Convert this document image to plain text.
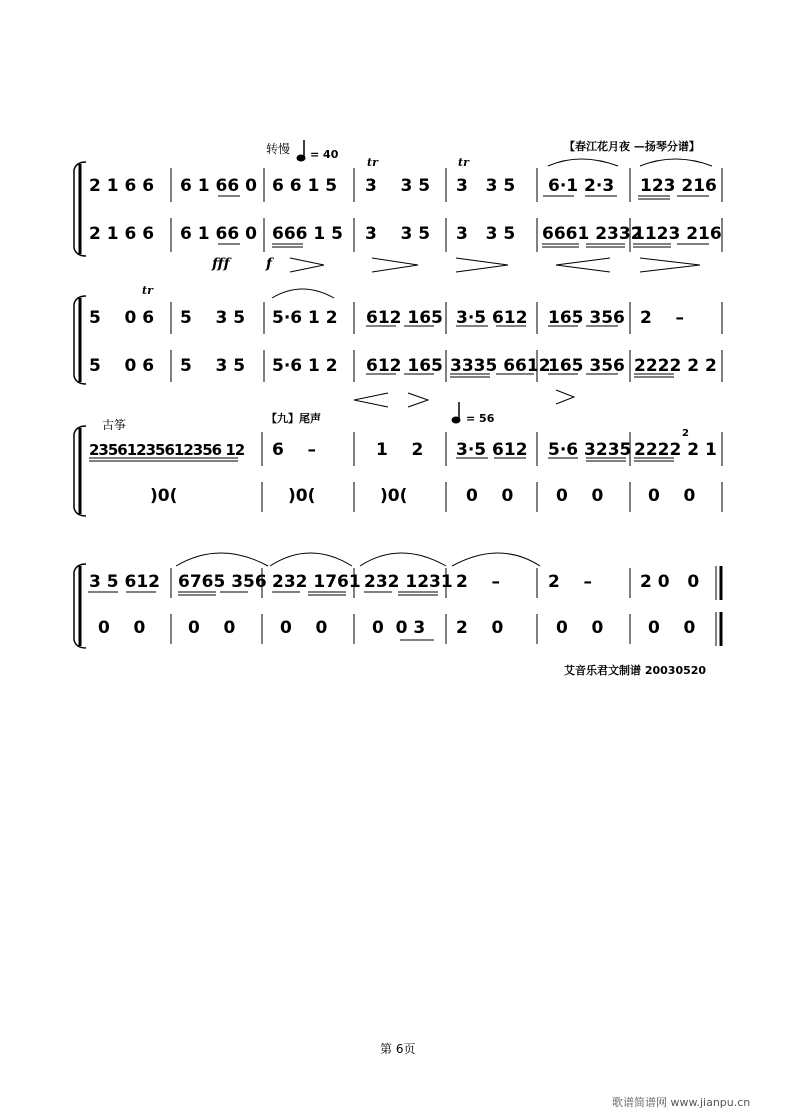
【春江花月夜 —扬琴分谱】
转慢 = 40
2 1 6 6 6 1 66 0 6 6 1 5 3    3 5 3   3 5 6·1 2·3 123 216
2 1 6 6 6 1 66 0 666 1 5 3    3 5 3   3 5 6661 2332
1123 216
tr	tr
fff	f
5    0 6 5    3 5 5·6 1 2 612 165 3·5 612 165 356 2    –
5    0 6 5    3 5 5·6 1 2 612 165 3335 6612
165 356 2222 2 2
tr
古筝	【九】尾声	= 56
23561235612356 12 6    –	1    2 3·5 612 5·6 3235 2222 2 1
)0(	)0(	)0(	0    0	0    0	0    0
2
3 5 612 6765 356 232 1761 232 1231 2    –	2    –	2 0   0
0    0	0    0	0    0	0  0 3 2    0	0    0	0    0
艾音乐君文制谱 20030520
第 6页
歌谱简谱网 www.jianpu.cn
